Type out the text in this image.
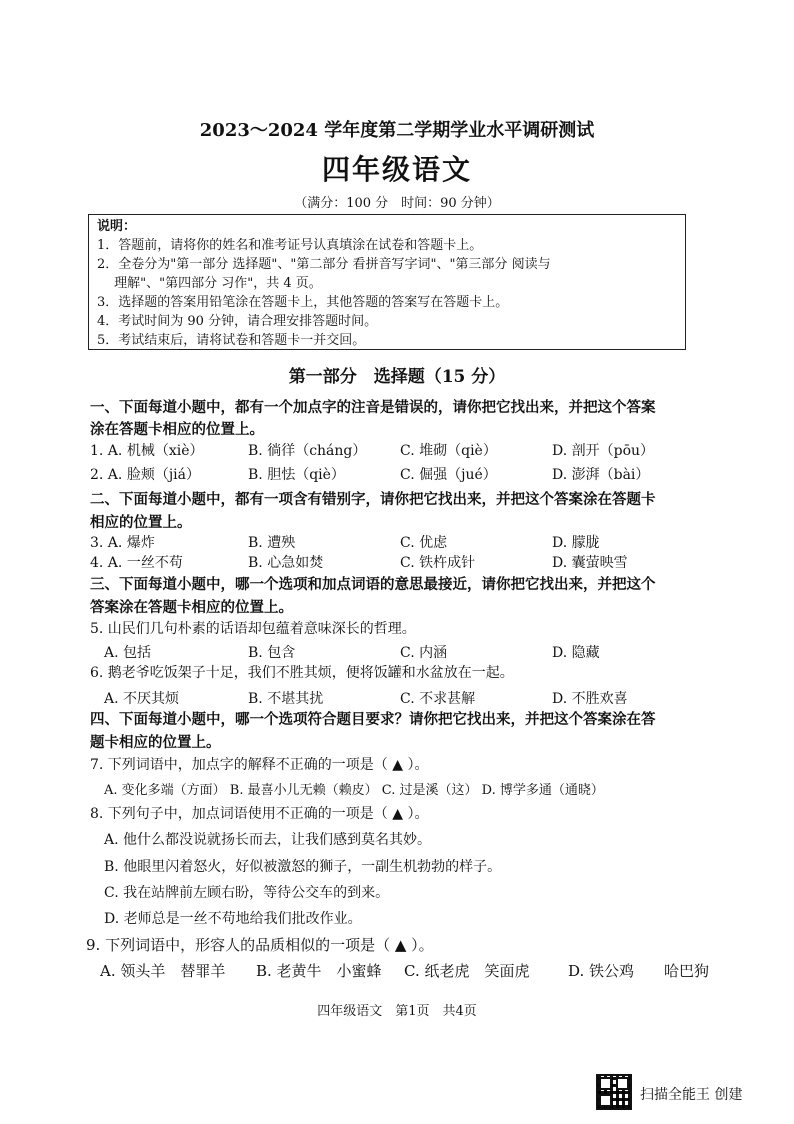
2023～2024 学年度第二学期学业水平调研测试
四年级语文
（满分：100 分　时间：90 分钟）
说明：
1．答题前，请将你的姓名和准考证号认真填涂在试卷和答题卡上。
2．全卷分为"第一部分 选择题"、"第二部分 看拼音写字词"、"第三部分 阅读与
　 理解"、"第四部分 习作"，共 4 页。
3．选择题的答案用铅笔涂在答题卡上，其他答题的答案写在答题卡上。
4．考试时间为 90 分钟，请合理安排答题时间。
5．考试结束后，请将试卷和答题卡一并交回。
第一部分　选择题（15 分）
一、下面每道小题中，都有一个加点字的注音是错误的，请你把它找出来，并把这个答案
涂在答题卡相应的位置上。
1. A. 机械（xiè）	B. 徜徉（cháng） C. 堆砌（qiè）	D. 剖开（pōu）
2. A. 脸颊（jiá）	B. 胆怯（qiè）	C. 倔强（jué）	D. 澎湃（bài）
二、下面每道小题中，都有一项含有错别字，请你把它找出来，并把这个答案涂在答题卡
相应的位置上。
3. A. 爆炸	B. 遭殃	C. 优虑	D. 朦胧
4. A. 一丝不苟	B. 心急如焚	C. 铁杵成针	D. 囊萤映雪
三、下面每道小题中，哪一个选项和加点词语的意思最接近，请你把它找出来，并把这个
答案涂在答题卡相应的位置上。
5. 山民们几句朴素的话语却包蕴着意味深长的哲理。
A. 包括	B. 包含	C. 内涵	D. 隐藏
6. 鹅老爷吃饭架子十足，我们不胜其烦，便将饭罐和水盆放在一起。
A. 不厌其烦	B. 不堪其扰	C. 不求甚解	D. 不胜欢喜
四、下面每道小题中，哪一个选项符合题目要求？请你把它找出来，并把这个答案涂在答
题卡相应的位置上。
7. 下列词语中，加点字的解释不正确的一项是（ ▲ ）。
A. 变化多端（方面） B. 最喜小儿无赖（赖皮） C. 过是溪（这） D. 博学多通（通晓）
8. 下列句子中，加点词语使用不正确的一项是（ ▲ ）。
A. 他什么都没说就扬长而去，让我们感到莫名其妙。
B. 他眼里闪着怒火，好似被激怒的狮子，一副生机勃勃的样子。
C. 我在站牌前左顾右盼，等待公交车的到来。
D. 老师总是一丝不苟地给我们批改作业。
9. 下列词语中，形容人的品质相似的一项是（ ▲ ）。
A. 领头羊　替罪羊 B. 老黄牛　小蜜蜂 C. 纸老虎　笑面虎	D. 铁公鸡　　哈巴狗
四年级语文　第1页　共4页
扫描全能王 创建
